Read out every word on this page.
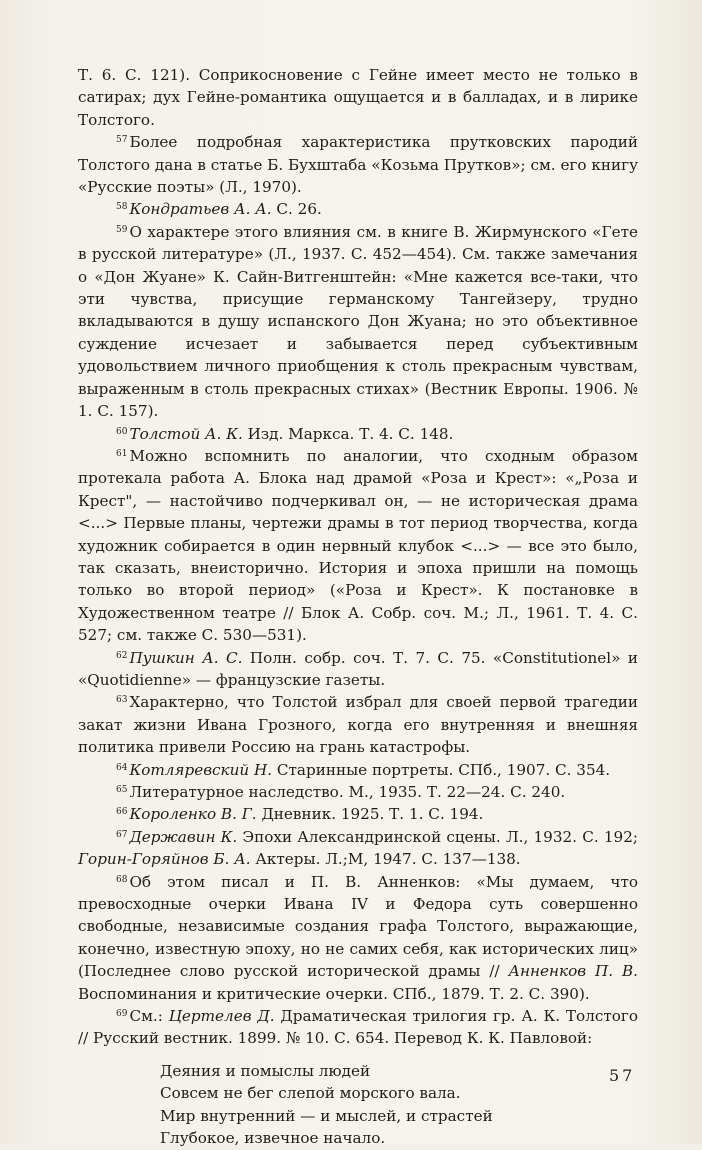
Т. 6. С. 121). Соприкосновение с Гейне имеет место не только в сатирах; дух Гейне-романтика ощущается и в балладах, и в лирике Толстого.

$^{57}$ Более подробная характеристика прутковских пародий Толстого дана в статье Б. Бухштаба «Козьма Прутков»; см. его книгу «Русские поэты» (Л., 1970).

$^{58}$ Кондратьев А. А. С. 26.

$^{59}$ О характере этого влияния см. в книге В. Жирмунского «Гете в русской литературе» (Л., 1937. С. 452—454). См. также замечания о «Дон Жуане» К. Сайн-Витгенштейн: «Мне кажется все-таки, что эти чувства, присущие германскому Тангейзеру, трудно вкладываются в душу испанского Дон Жуана; но это объективное суждение исчезает и забывается перед субъективным удовольствием личного приобщения к столь прекрасным чувствам, выраженным в столь прекрасных стихах» (Вестник Европы. 1906. № 1. С. 157).

$^{60}$ Толстой А. К. Изд. Маркса. Т. 4. С. 148.

$^{61}$ Можно вспомнить по аналогии, что сходным образом протекала работа А. Блока над драмой «Роза и Крест»: «„Роза и Крест", — настойчиво подчеркивал он, — не историческая драма <...> Первые планы, чертежи драмы в тот период творчества, когда художник собирается в один нервный клубок <...> — все это было, так сказать, внеисторично. История и эпоха пришли на помощь только во второй период» («Роза и Крест». К постановке в Художественном театре // Блок А. Собр. соч. М.; Л., 1961. Т. 4. С. 527; см. также С. 530—531).

$^{62}$ Пушкин А. С. Полн. собр. соч. Т. 7. С. 75. «Constitutionel» и «Quotidienne» — французские газеты.

$^{63}$ Характерно, что Толстой избрал для своей первой трагедии закат жизни Ивана Грозного, когда его внутренняя и внешняя политика привели Россию на грань катастрофы.

$^{64}$ Котляревский Н. Старинные портреты. СПб., 1907. С. 354.

$^{65}$ Литературное наследство. М., 1935. Т. 22—24. С. 240.

$^{66}$ Короленко В. Г. Дневник. 1925. Т. 1. С. 194.

$^{67}$ Державин К. Эпохи Александринской сцены. Л., 1932. С. 192; Горин-Горяйнов Б. А. Актеры. Л.;М, 1947. С. 137—138.

$^{68}$ Об этом писал и П. В. Анненков: «Мы думаем, что превосходные очерки Ивана IV и Федора суть совершенно свободные, независимые создания графа Толстого, выражающие, конечно, известную эпоху, но не самих себя, как исторических лиц» (Последнее слово русской исторической драмы // Анненков П. В. Воспоминания и критические очерки. СПб., 1879. Т. 2. С. 390).

$^{69}$ См.: Цертелев Д. Драматическая трилогия гр. А. К. Толстого // Русский вестник. 1899. № 10. С. 654. Перевод К. К. Павловой:

Деяния и помыслы людей
Совсем не бег слепой морского вала.
Мир внутренний — и мыслей, и страстей
Глубокое, извечное начало.
57
